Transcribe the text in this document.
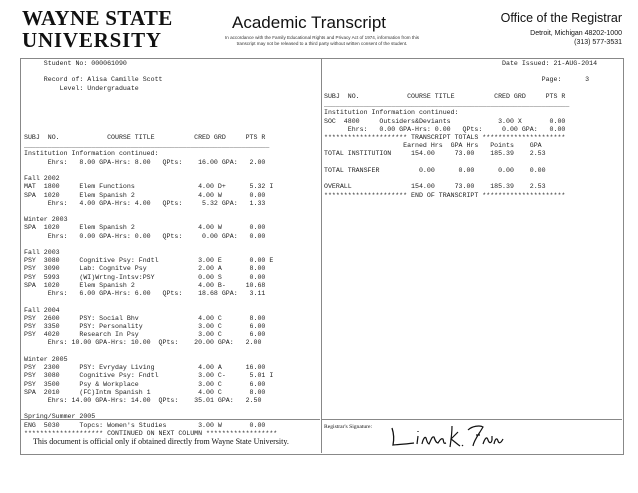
WAYNE STATE
UNIVERSITY
Academic Transcript
In accordance with the Family Educational Rights and Privacy Act of 1974, information from this transcript may not be released to a third party without written consent of the student.
Office of the Registrar
Detroit, Michigan 48202-1000
(313) 577-3531
Student No: 000061090

Record of: Alisa Camille Scott
Level: Undergraduate

SUBJ  NO.            COURSE TITLE          CRED GRD     PTS R
______________________________________________________________
Institution Information continued:
Ehrs:   8.00 GPA-Hrs: 8.00   QPts:    16.00 GPA:   2.00

Fall 2002
MAT  1800     Elem Functions                4.00 D+      5.32 I
SPA  1020     Elem Spanish 2                4.00 W       0.00
Ehrs:   4.00 GPA-Hrs: 4.00   QPts:     5.32 GPA:   1.33

Winter 2003
SPA  1020     Elem Spanish 2                4.00 W       0.00
Ehrs:   0.00 GPA-Hrs: 0.00   QPts:     0.00 GPA:   0.00

Fall 2003
PSY  3080     Cognitive Psy: Fndtl          3.00 E       0.00 E
PSY  3090     Lab: Cognitve Psy             2.00 A       8.00
PSY  5993     (WI)Wrtng-Intsv:PSY           0.00 S       0.00
SPA  1020     Elem Spanish 2                4.00 B-     10.68
Ehrs:   6.00 GPA-Hrs: 6.00   QPts:    18.68 GPA:   3.11

Fall 2004
PSY  2600     PSY: Social Bhv               4.00 C       8.00
PSY  3350     PSY: Personality              3.00 C       6.00
PSY  4020     Research In Psy               3.00 C       6.00
Ehrs: 10.00 GPA-Hrs: 10.00  QPts:    20.00 GPA:   2.00

Winter 2005
PSY  2300     PSY: Evryday Living           4.00 A      16.00
PSY  3080     Cognitive Psy: Fndtl          3.00 C-      5.01 I
PSY  3500     Psy & Workplace               3.00 C       6.00
SPA  2010     (FC)Intm Spanish 1            4.00 C       8.00
Ehrs: 14.00 GPA-Hrs: 14.00  QPts:    35.01 GPA:   2.50

Spring/Summer 2005
ENG  5030     Topcs: Women's Studies        3.00 W       0.00
******************** CONTINUED ON NEXT COLUMN ******************
Date Issued: 21-AUG-2014

Page:      3

SUBJ  NO.            COURSE TITLE          CRED GRD     PTS R
______________________________________________________________
Institution Information continued:
SOC  4800     Outsiders&Deviants            3.00 X       0.00
Ehrs:   0.00 GPA-Hrs: 0.00   QPts:     0.00 GPA:   0.00
********************* TRANSCRIPT TOTALS *********************
Earned Hrs  GPA Hrs   Points    GPA
TOTAL INSTITUTION     154.00     73.00    185.39    2.53

TOTAL TRANSFER          0.00      0.00      0.00    0.00

OVERALL               154.00     73.00    185.39    2.53
********************* END OF TRANSCRIPT *********************
This document is official only if obtained directly from Wayne State University.
Registrar's Signature:
